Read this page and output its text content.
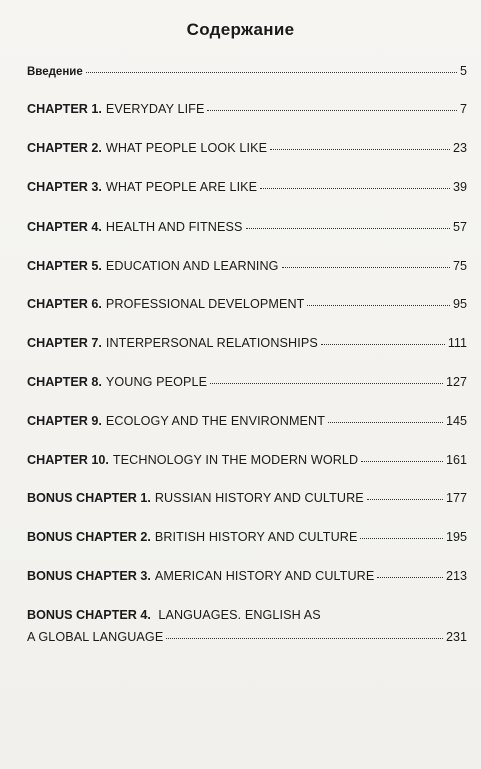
Содержание
Введение	5
CHAPTER 1. EVERYDAY LIFE	7
CHAPTER 2. WHAT PEOPLE LOOK LIKE	23
CHAPTER 3. WHAT PEOPLE ARE LIKE	39
CHAPTER 4. HEALTH AND FITNESS	57
CHAPTER 5. EDUCATION AND LEARNING	75
CHAPTER 6. PROFESSIONAL DEVELOPMENT	95
CHAPTER 7. INTERPERSONAL RELATIONSHIPS	111
CHAPTER 8. YOUNG PEOPLE	127
CHAPTER 9. ECOLOGY AND THE ENVIRONMENT	145
CHAPTER 10. TECHNOLOGY IN THE MODERN WORLD	161
BONUS CHAPTER 1. RUSSIAN HISTORY AND CULTURE	177
BONUS CHAPTER 2. BRITISH HISTORY AND CULTURE	195
BONUS CHAPTER 3. AMERICAN HISTORY AND CULTURE	213
BONUS CHAPTER 4. LANGUAGES. ENGLISH AS
A GLOBAL LANGUAGE	231
